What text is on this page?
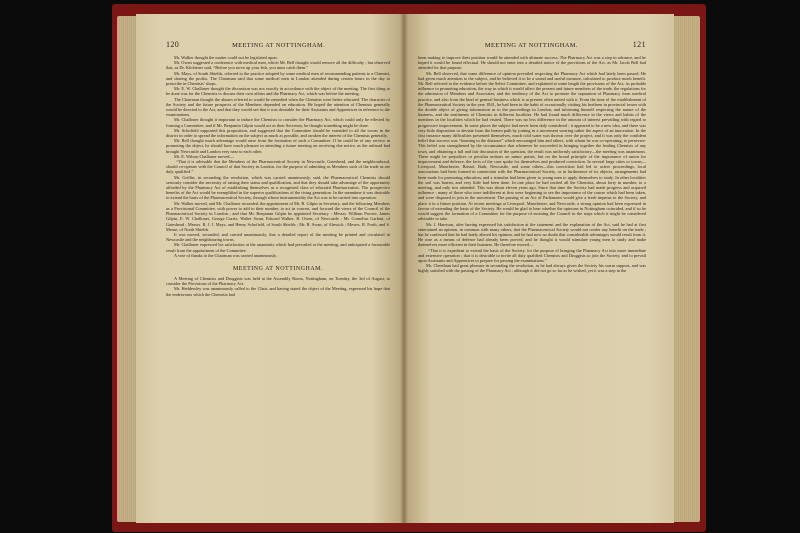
120	MEETING AT NOTTINGHAM.

Mr. Walker thought the matter could not be legislated upon.

Mr. Owen suggested a conference with medical men, which Mr. Bell thought would remove all the difficulty ; but observed that, as Dr. Kitchener said, “Before you serve up your fish, you must catch them.”

Mr. Mays, of South Shields, referred to the practice adopted by some medical men of recommending patients to a Chemist, and sharing the profits. The Chairman said that some medical men in London attended during certain hours in the day to prescribe in Chemists’ shops.

Mr. E. W. Challoner thought the discussion was not exactly in accordance with the object of the meeting. The first thing to be done was for the Chemists to discuss their own affairs and the Pharmacy Act, which was before the meeting.

The Chairman thought the abuses referred to would be remedied when the Chemists were better educated. The character of the Society and the future prospects of the Members depended on education. He hoped the attention of Chemists generally would be directed to the Act, and that they would see that it was desirable for their Assistants and Apprentices in reference to the examinations.

Mr. Challoner thought it important to induce the Chemists to consider the Pharmacy Act, which could only be effected by forming a Committee, and if Mr. Benjamin Gilpin would act as their Secretary, he thought something might be done.

Mr. Schofield supported this proposition, and suggested that the Committee should be extended to all the towns in the district in order to spread the information on the subject as much as possible, and awaken the interest of the Chemists generally.

Mr. Bell thought much advantage would arise from the formation of such a Committee. If he could be of any service in promoting the object, he should have much pleasure in attending a future meeting on receiving due notice, as the railroad had brought Newcastle and London very near to each other.

Mr. E. Wilson Challoner moved—

“That it is advisable that the Members of the Pharmaceutical Society in Newcastle, Gateshead, and the neighbourhood, should co-operate with the Council of that Society in London, for the purpose of admitting as Members such of the trade as are duly qualified.”

Mr. Griffin, in seconding the resolution, which was carried unanimously, said, the Pharmaceutical Chemists should seriously consider the necessity of raising their status and qualification, and that they should take advantage of the opportunity afforded by the Pharmacy Act of establishing themselves as a recognised class of educated Pharmaceutists. The prospective benefits of the Act would be exemplified in the superior qualifications of the rising generation. In the meantime it was desirable to extend the basis of the Pharmaceutical Society, through whose instrumentality the Act was to be carried into operation.

Mr. Walker moved, and Mr. Challoner seconded, the appointment of Mr. B. Gilpin as Secretary, and the following Members as a Provisional Committee, with power to add to their number, to act in concert, and forward the views of the Council of the Pharmaceutical Society in London ; and that Mr. Benjamin Gilpin be appointed Secretary : Messrs. William Procter, James Gilpin, E. W. Challoner, George Currie, Walter Swan, Edward Walker, R. Owen, of Newcastle ; Mr. Cornelius Garbutt, of Gateshead ; Messrs. R. J. J. Mays, and Henry Schofield, of South Shields ; Mr. R. Swan, of Alnwick ; Messrs. R. Forth, and S. Mease, of North Shields.

It was moved, seconded, and carried unanimously, that a detailed report of the meeting be printed and circulated in Newcastle and the neighbouring towns.

Mr. Challoner expressed his satisfaction at the unanimity which had prevailed at the meeting, and anticipated a favourable result from the appointment of the Committee.

A vote of thanks to the Chairman was carried unanimously.

MEETING AT NOTTINGHAM.

A Meeting of Chemists and Druggists was held at the Assembly Room, Nottingham, on Tuesday, the 3rd of August, to consider the Provisions of the Pharmacy Act.

Mr. Heddersley was unanimously called to the Chair, and having stated the object of the Meeting, expressed his hope that the endeavours which the Chemists had

MEETING AT NOTTINGHAM.	121

been making to improve their position would be attended with ultimate success. The Pharmacy Act was a step in advance, and he hoped it would be found effectual. He should not enter into a detailed notice of the provisions of the Act, as Mr. Jacob Bell had attended for that purpose.

Mr. Bell observed, that some difference of opinion prevailed respecting the Pharmacy Act which had lately been passed. He had given much attention to the subject, and he believed it to be a sound and useful measure, calculated to produce much benefit. Mr. Bell referred to the evidence before the Select Committee, and explained at some length the provisions of the Act, its probable influence in promoting education, the way in which it would affect the present and future members of the trade, the regulations for the admission of Members and Associates, and the tendency of the Act to promote the separation of Pharmacy from medical practice, and also from the kind of general business which is at present often united with it. From the time of the establishment of the Pharmaceutical Society in the year 1841, he had been in the habit of occasionally visiting his brethren in provincial towns with the double object of giving information as to the proceedings in London, and informing himself respecting the nature of the business, and the sentiments of Chemists in different localities. He had found much difference in the views and habits of the members in the localities which he had visited. There was no less difference in the amount of interest prevailing with regard to progressive improvement. In some places the subject had never been duly considered ; it appeared to be a new idea, and there was very little disposition to deviate from the beaten path by joining in a movement wearing rather the aspect of an innovation. In the first instance many difficulties presented themselves, much cold water was thrown over the project, and it was only the confident belief that success was “looming in the distance” which encouraged him and others, with whom he was co-operating, to persevere. This belief was strengthened by the circumstance that whenever he succeeded in bringing together the leading Chemists of any town, and obtaining a full and fair discussion of the question, the result was uniformly satisfactory—the meeting was unanimous. There might be prejudices or peculiar notions on minor points, but on the broad principle of the importance of union for improvement and defence, the facts of the case spoke for themselves and produced conviction. In several large cities or towns—Liverpool, Manchester, Bristol, Bath, Newcastle, and some others—this conviction had led to active proceedings, local associations had been formed in connection with the Pharmaceutical Society, or in furtherance of its objects, arrangements had been made for promoting education, and a stimulus had been given to young men to apply themselves to study. In other localities the soil was barren, and very little had been done. In one place he had invited all the Chemists, about forty in number, to a meeting, and only two attended. This was about eleven years ago. Since that time the Society had made progress and acquired influence ; many of those who were indifferent at first were beginning to see the importance of the course which had been taken, and were disposed to join in the movement. The passing of an Act of Parliament would give a fresh impetus to the Society, and place it in a firmer position. At recent meetings at Liverpool, Manchester, and Newcastle, a strong opinion had been expressed in favour of extending the basis of the Society. He would be glad to hear whether the opinions in Nottingham coincided, and if so he would suggest the formation of a Committee for the purpose of assisting the Council in the steps which it might be considered advisable to take.

Mr. J. Harrison, after having expressed his satisfaction at the statement and the explanation of the Act, said he had at first entertained an opinion, in common with many others, that the Pharmaceutical Society would not confer any benefit on the trade ; but he confessed that he had lately altered his opinion, and he had now no doubt that considerable advantages would result from it. He rose as a means of defence had already been proved, and he thought it would stimulate young men to study and make themselves more efficient in their business. He therefore moved—

“That it is expedient to extend the basis of the Society, for the purpose of bringing the Pharmacy Act into more immediate and extensive operation ; that it is desirable to invite all duly qualified Chemists and Druggists to join the Society, and to prevail upon Assistants and Apprentices to prepare for passing the examinations.”

Mr. Cheetham had great pleasure in seconding the resolution, as he had always given the Society his warm support, and was highly satisfied with the passing of the Pharmacy Act ; although it did not go so far as he wished, yet it was a step in the
